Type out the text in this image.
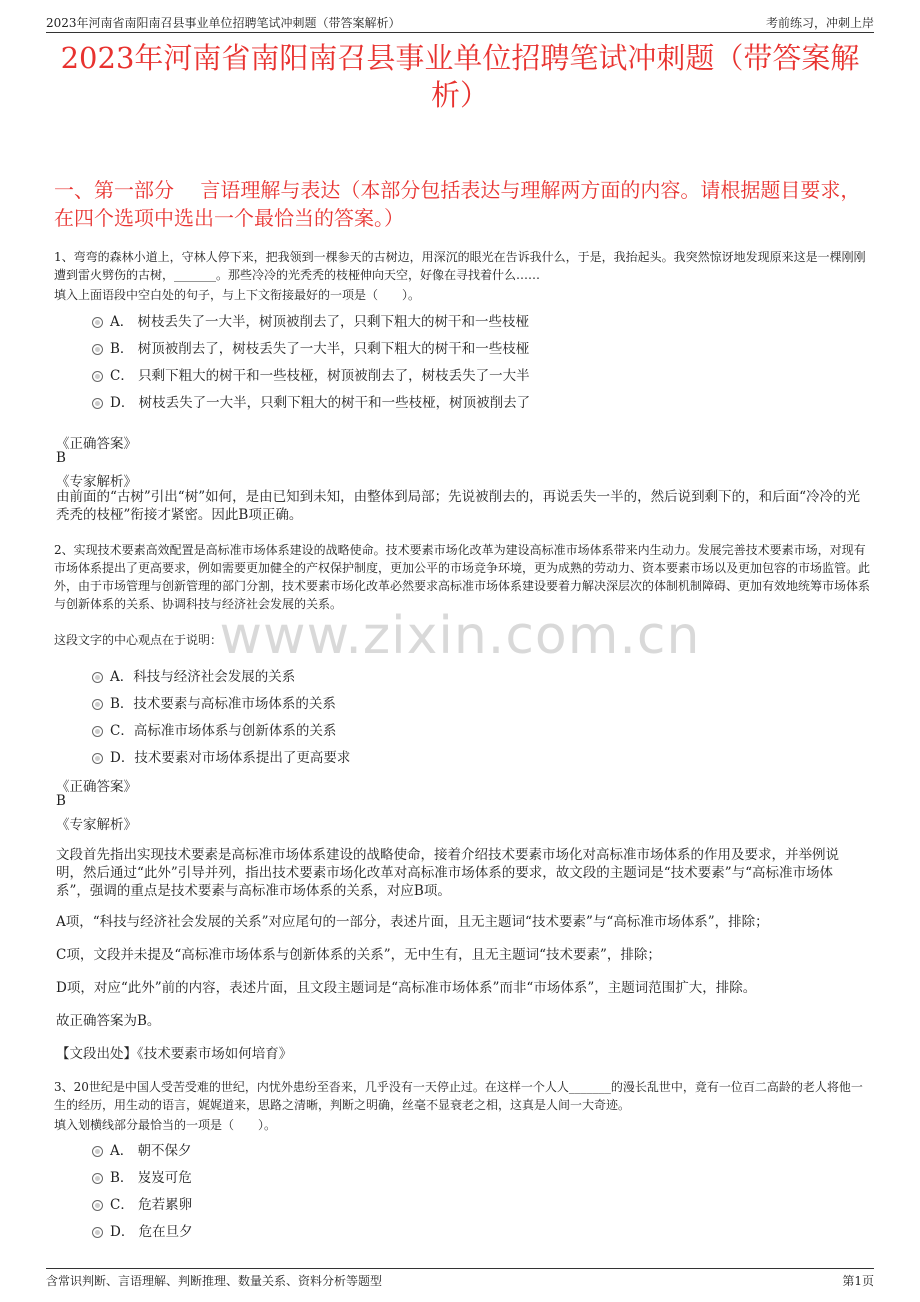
2023年河南省南阳南召县事业单位招聘笔试冲刺题（带答案解析）	考前练习，冲刺上岸
2023年河南省南阳南召县事业单位招聘笔试冲刺题（带答案解析）
一、第一部分　 言语理解与表达（本部分包括表达与理解两方面的内容。请根据题目要求，在四个选项中选出一个最恰当的答案。）
1、弯弯的森林小道上，守林人停下来，把我领到一棵参天的古树边，用深沉的眼光在告诉我什么，于是，我抬起头。我突然惊讶地发现原来这是一棵刚刚遭到雷火劈伤的古树，_______。那些冷冷的光秃秃的枝桠伸向天空，好像在寻找着什么……
填入上面语段中空白处的句子，与上下文衔接最好的一项是（　　）。
A． 树枝丢失了一大半，树顶被削去了，只剩下粗大的树干和一些枝桠
B． 树顶被削去了，树枝丢失了一大半，只剩下粗大的树干和一些枝桠
C． 只剩下粗大的树干和一些枝桠，树顶被削去了，树枝丢失了一大半
D． 树枝丢失了一大半，只剩下粗大的树干和一些枝桠，树顶被削去了
《正确答案》
B
《专家解析》
由前面的“古树”引出“树”如何，是由已知到未知，由整体到局部；先说被削去的，再说丢失一半的，然后说到剩下的，和后面“冷冷的光秃秃的枝桠”衔接才紧密。因此B项正确。
2、实现技术要素高效配置是高标准市场体系建设的战略使命。技术要素市场化改革为建设高标准市场体系带来内生动力。发展完善技术要素市场，对现有市场体系提出了更高要求，例如需要更加健全的产权保护制度，更加公平的市场竞争环境，更为成熟的劳动力、资本要素市场以及更加包容的市场监管。此外，由于市场管理与创新管理的部门分割，技术要素市场化改革必然要求高标准市场体系建设要着力解决深层次的体制机制障碍、更加有效地统筹市场体系与创新体系的关系、协调科技与经济社会发展的关系。
这段文字的中心观点在于说明：
www.zixin.com.cn
A．科技与经济社会发展的关系
B．技术要素与高标准市场体系的关系
C．高标准市场体系与创新体系的关系
D．技术要素对市场体系提出了更高要求
《正确答案》
B
《专家解析》
文段首先指出实现技术要素是高标准市场体系建设的战略使命，接着介绍技术要素市场化对高标准市场体系的作用及要求，并举例说明，然后通过“此外”引导并列，指出技术要素市场化改革对高标准市场体系的要求，故文段的主题词是“技术要素”与“高标准市场体系”，强调的重点是技术要素与高标准市场体系的关系，对应B项。
A项，“科技与经济社会发展的关系”对应尾句的一部分，表述片面，且无主题词“技术要素”与“高标准市场体系”，排除；
C项，文段并未提及“高标准市场体系与创新体系的关系”，无中生有，且无主题词“技术要素”，排除；
D项，对应“此外”前的内容，表述片面，且文段主题词是“高标准市场体系”而非“市场体系”，主题词范围扩大，排除。
故正确答案为B。
【文段出处】《技术要素市场如何培育》
3、20世纪是中国人受苦受难的世纪，内忧外患纷至沓来，几乎没有一天停止过。在这样一个人人_______的漫长乱世中，竟有一位百二高龄的老人将他一生的经历，用生动的语言，娓娓道来，思路之清晰，判断之明确，丝毫不显衰老之相，这真是人间一大奇迹。
填入划横线部分最恰当的一项是（　　）。
A． 朝不保夕
B． 岌岌可危
C． 危若累卵
D． 危在旦夕
含常识判断、言语理解、判断推理、数量关系、资料分析等题型	第1页
